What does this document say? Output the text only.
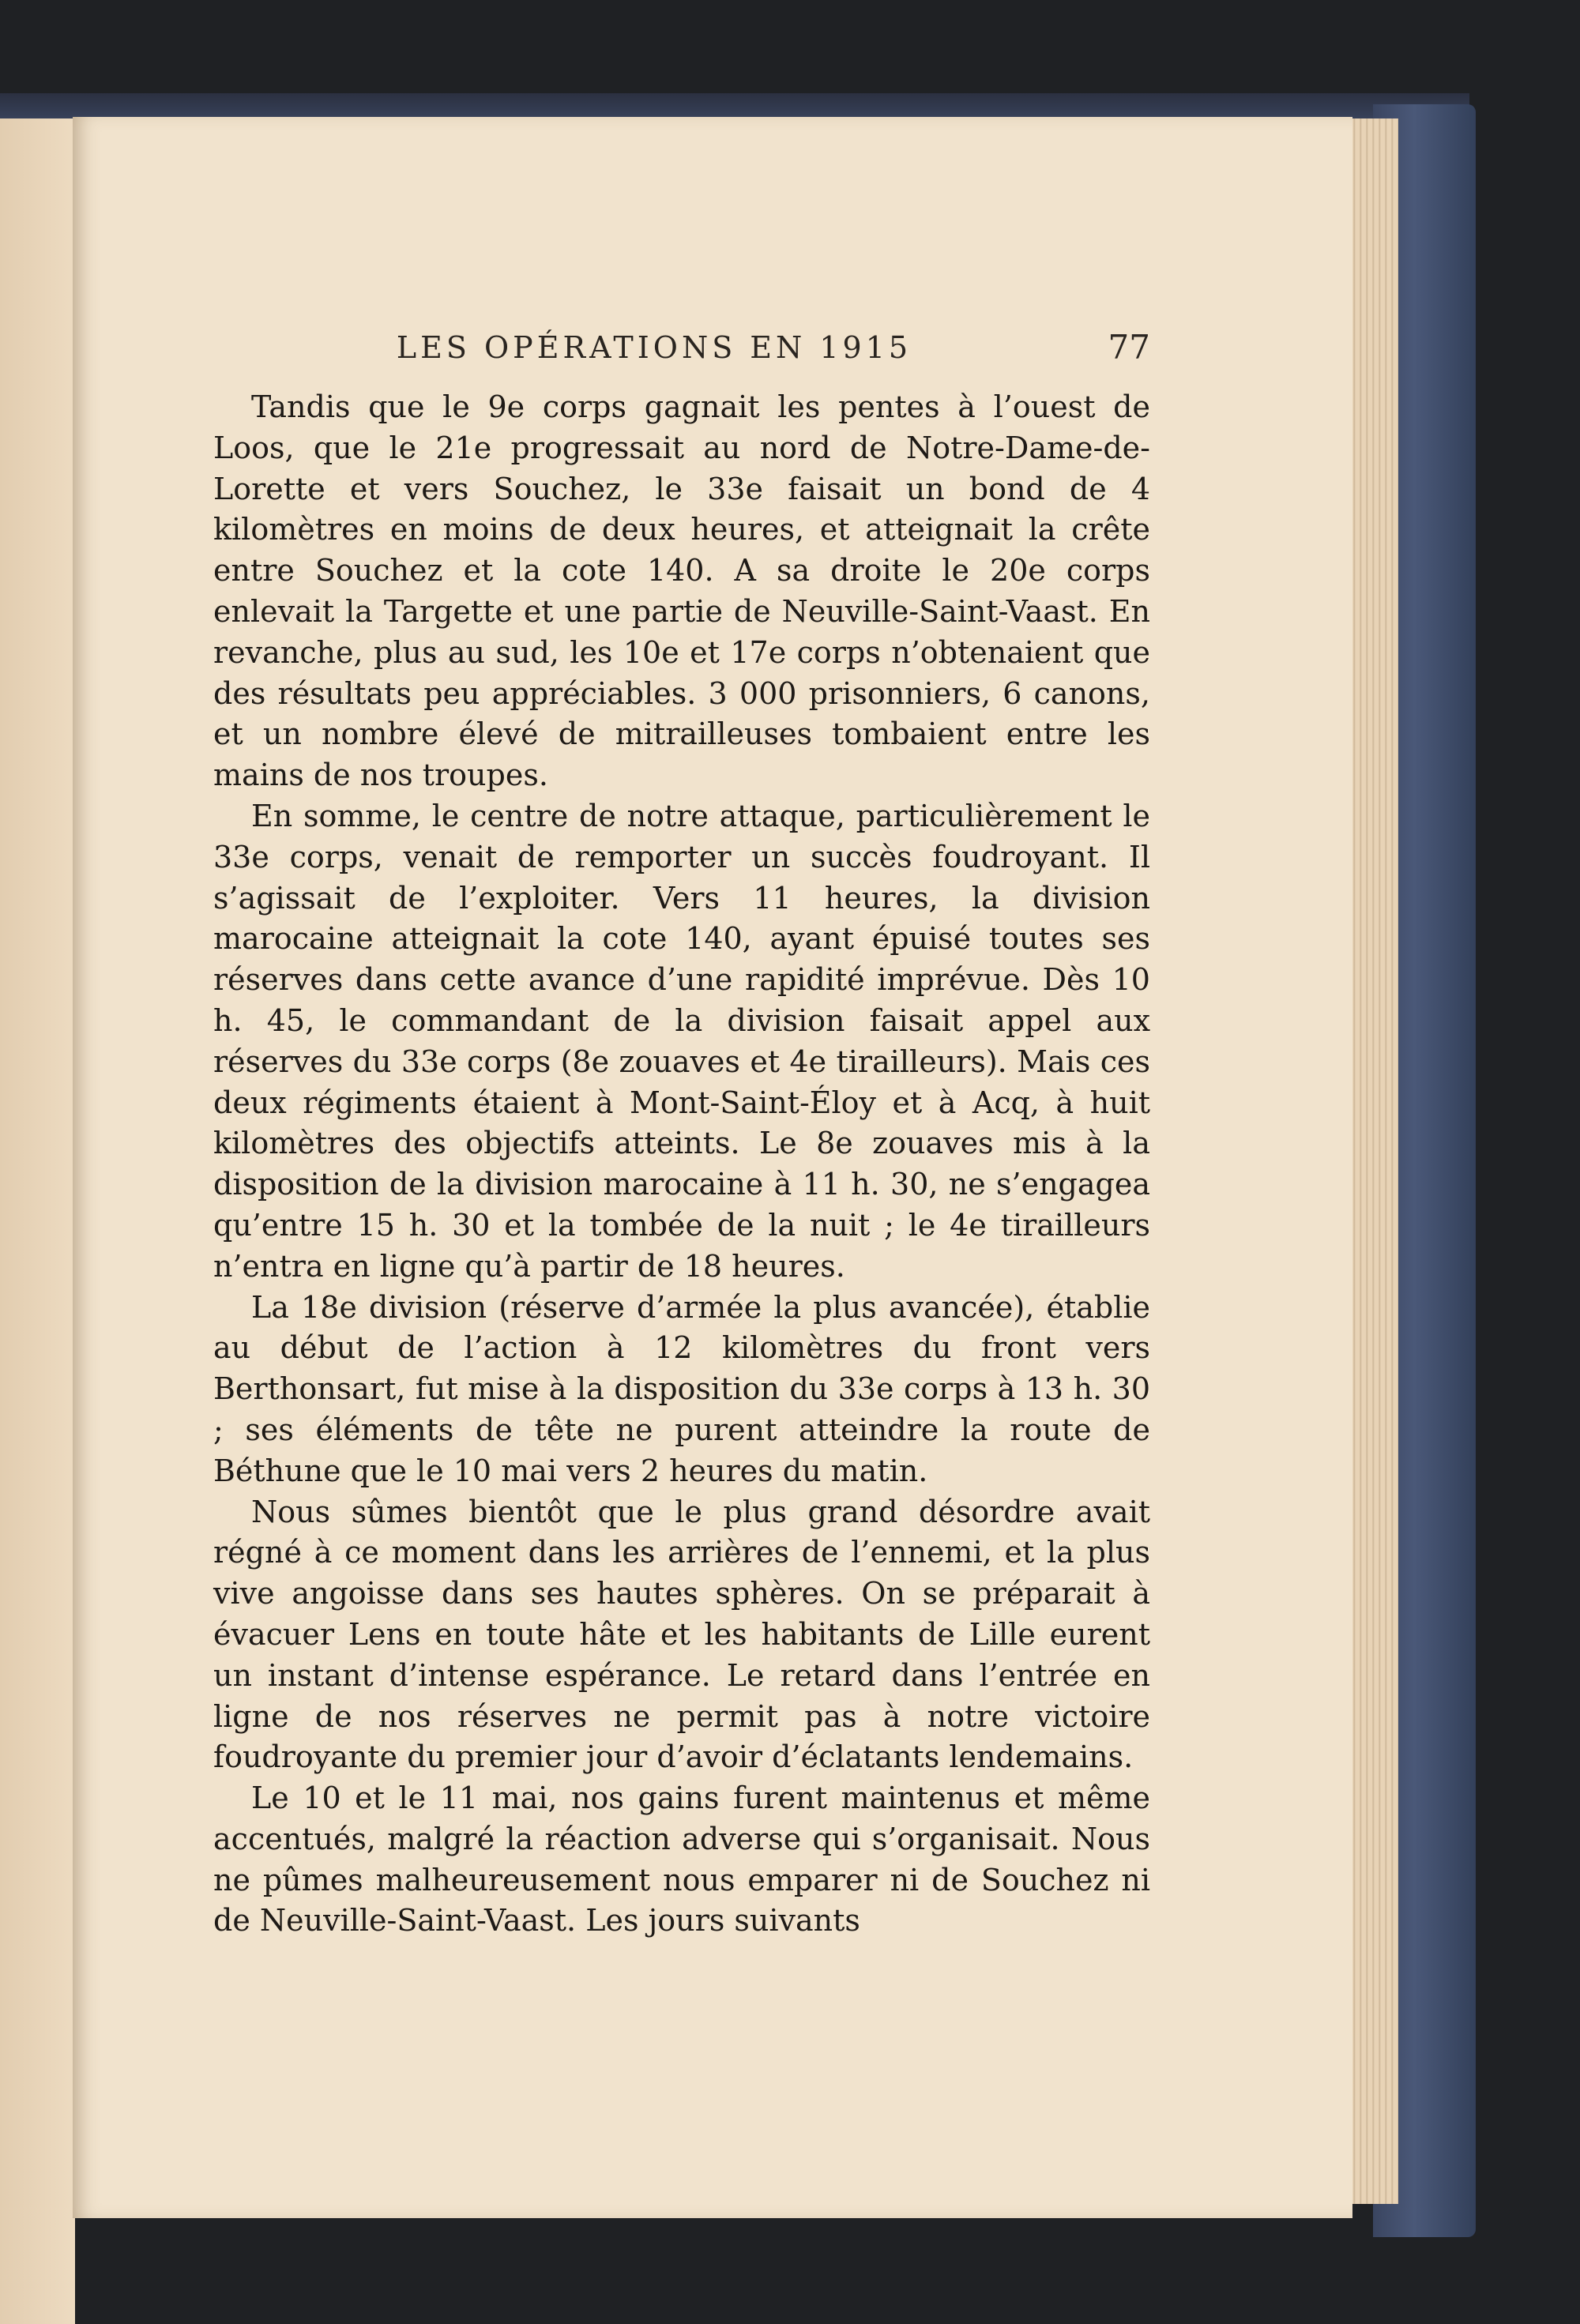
LES OPÉRATIONS EN 1915	77

Tandis que le 9e corps gagnait les pentes à l’ouest de Loos, que le 21e progressait au nord de Notre-Dame-de-Lorette et vers Souchez, le 33e faisait un bond de 4 kilomètres en moins de deux heures, et atteignait la crête entre Souchez et la cote 140. A sa droite le 20e corps enlevait la Targette et une partie de Neuville-Saint-Vaast. En revanche, plus au sud, les 10e et 17e corps n’obtenaient que des résultats peu appréciables. 3 000 prisonniers, 6 canons, et un nombre élevé de mitrailleuses tombaient entre les mains de nos troupes.

En somme, le centre de notre attaque, particulièrement le 33e corps, venait de remporter un succès foudroyant. Il s’agissait de l’exploiter. Vers 11 heures, la division marocaine atteignait la cote 140, ayant épuisé toutes ses réserves dans cette avance d’une rapidité imprévue. Dès 10 h. 45, le commandant de la division faisait appel aux réserves du 33e corps (8e zouaves et 4e tirailleurs). Mais ces deux régiments étaient à Mont-Saint-Éloy et à Acq, à huit kilomètres des objectifs atteints. Le 8e zouaves mis à la disposition de la division marocaine à 11 h. 30, ne s’engagea qu’entre 15 h. 30 et la tombée de la nuit ; le 4e tirailleurs n’entra en ligne qu’à partir de 18 heures.

La 18e division (réserve d’armée la plus avancée), établie au début de l’action à 12 kilomètres du front vers Berthonsart, fut mise à la disposition du 33e corps à 13 h. 30 ; ses éléments de tête ne purent atteindre la route de Béthune que le 10 mai vers 2 heures du matin.

Nous sûmes bientôt que le plus grand désordre avait régné à ce moment dans les arrières de l’ennemi, et la plus vive angoisse dans ses hautes sphères. On se préparait à évacuer Lens en toute hâte et les habitants de Lille eurent un instant d’intense espérance. Le retard dans l’entrée en ligne de nos réserves ne permit pas à notre victoire foudroyante du premier jour d’avoir d’éclatants lendemains.

Le 10 et le 11 mai, nos gains furent maintenus et même accentués, malgré la réaction adverse qui s’organisait. Nous ne pûmes malheureusement nous emparer ni de Souchez ni de Neuville-Saint-Vaast. Les jours suivants
